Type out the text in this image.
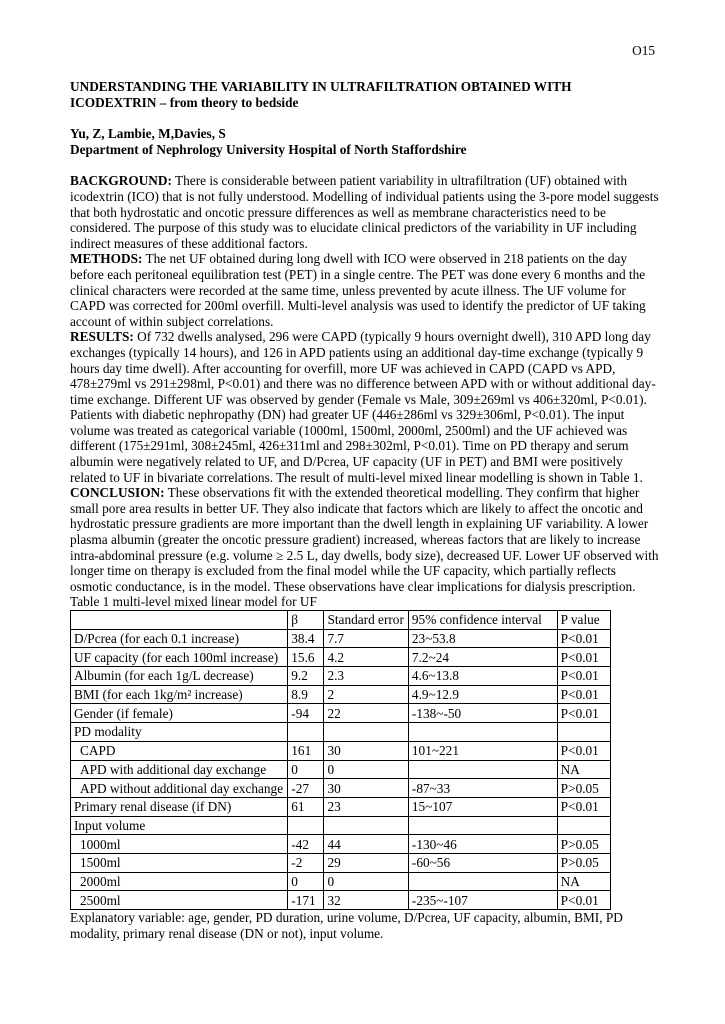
O15

UNDERSTANDING THE VARIABILITY IN ULTRAFILTRATION OBTAINED WITH
ICODEXTRIN – from theory to bedside

Yu, Z, Lambie, M,Davies, S

Department of Nephrology University Hospital of North Staffordshire

BACKGROUND: There is considerable between patient variability in ultrafiltration (UF) obtained with icodextrin (ICO) that is not fully understood. Modelling of individual patients using the 3-pore model suggests that both hydrostatic and oncotic pressure differences as well as membrane characteristics need to be considered. The purpose of this study was to elucidate clinical predictors of the variability in UF including indirect measures of these additional factors.

METHODS: The net UF obtained during long dwell with ICO were observed in 218 patients on the day before each peritoneal equilibration test (PET) in a single centre. The PET was done every 6 months and the clinical characters were recorded at the same time, unless prevented by acute illness. The UF volume for CAPD was corrected for 200ml overfill. Multi-level analysis was used to identify the predictor of UF taking account of within subject correlations.

RESULTS: Of 732 dwells analysed, 296 were CAPD (typically 9 hours overnight dwell), 310 APD long day exchanges (typically 14 hours), and 126 in APD patients using an additional day-time exchange (typically 9 hours day time dwell). After accounting for overfill, more UF was achieved in CAPD (CAPD vs APD, 478±279ml vs 291±298ml, P<0.01) and there was no difference between APD with or without additional day-time exchange. Different UF was observed by gender (Female vs Male, 309±269ml vs 406±320ml, P<0.01). Patients with diabetic nephropathy (DN) had greater UF (446±286ml vs 329±306ml, P<0.01). The input volume was treated as categorical variable (1000ml, 1500ml, 2000ml, 2500ml) and the UF achieved was different (175±291ml, 308±245ml, 426±311ml and 298±302ml, P<0.01). Time on PD therapy and serum albumin were negatively related to UF, and D/Pcrea, UF capacity (UF in PET) and BMI were positively related to UF in bivariate correlations. The result of multi-level mixed linear modelling is shown in Table 1.

CONCLUSION: These observations fit with the extended theoretical modelling. They confirm that higher small pore area results in better UF. They also indicate that factors which are likely to affect the oncotic and hydrostatic pressure gradients are more important than the dwell length in explaining UF variability. A lower plasma albumin (greater the oncotic pressure gradient) increased, whereas factors that are likely to increase intra-abdominal pressure (e.g. volume ≥ 2.5 L, day dwells, body size), decreased UF. Lower UF observed with longer time on therapy is excluded from the final model while the UF capacity, which partially reflects osmotic conductance, is in the model. These observations have clear implications for dialysis prescription.

Table 1 multi-level mixed linear model for UF

	β	Standard error	95% confidence interval	P value
D/Pcrea (for each 0.1 increase)	38.4	7.7	23~53.8	P<0.01
UF capacity (for each 100ml increase)	15.6	4.2	7.2~24	P<0.01
Albumin (for each 1g/L decrease)	9.2	2.3	4.6~13.8	P<0.01
BMI (for each 1kg/m² increase)	8.9	2	4.9~12.9	P<0.01
Gender (if female)	-94	22	-138~-50	P<0.01
PD modality				
CAPD	161	30	101~221	P<0.01
APD with additional day exchange	0	0		NA
APD without additional day exchange	-27	30	-87~33	P>0.05
Primary renal disease (if DN)	61	23	15~107	P<0.01
Input volume				
1000ml	-42	44	-130~46	P>0.05
1500ml	-2	29	-60~56	P>0.05
2000ml	0	0		NA
2500ml	-171	32	-235~-107	P<0.01

Explanatory variable: age, gender, PD duration, urine volume, D/Pcrea, UF capacity, albumin, BMI, PD modality, primary renal disease (DN or not), input volume.
